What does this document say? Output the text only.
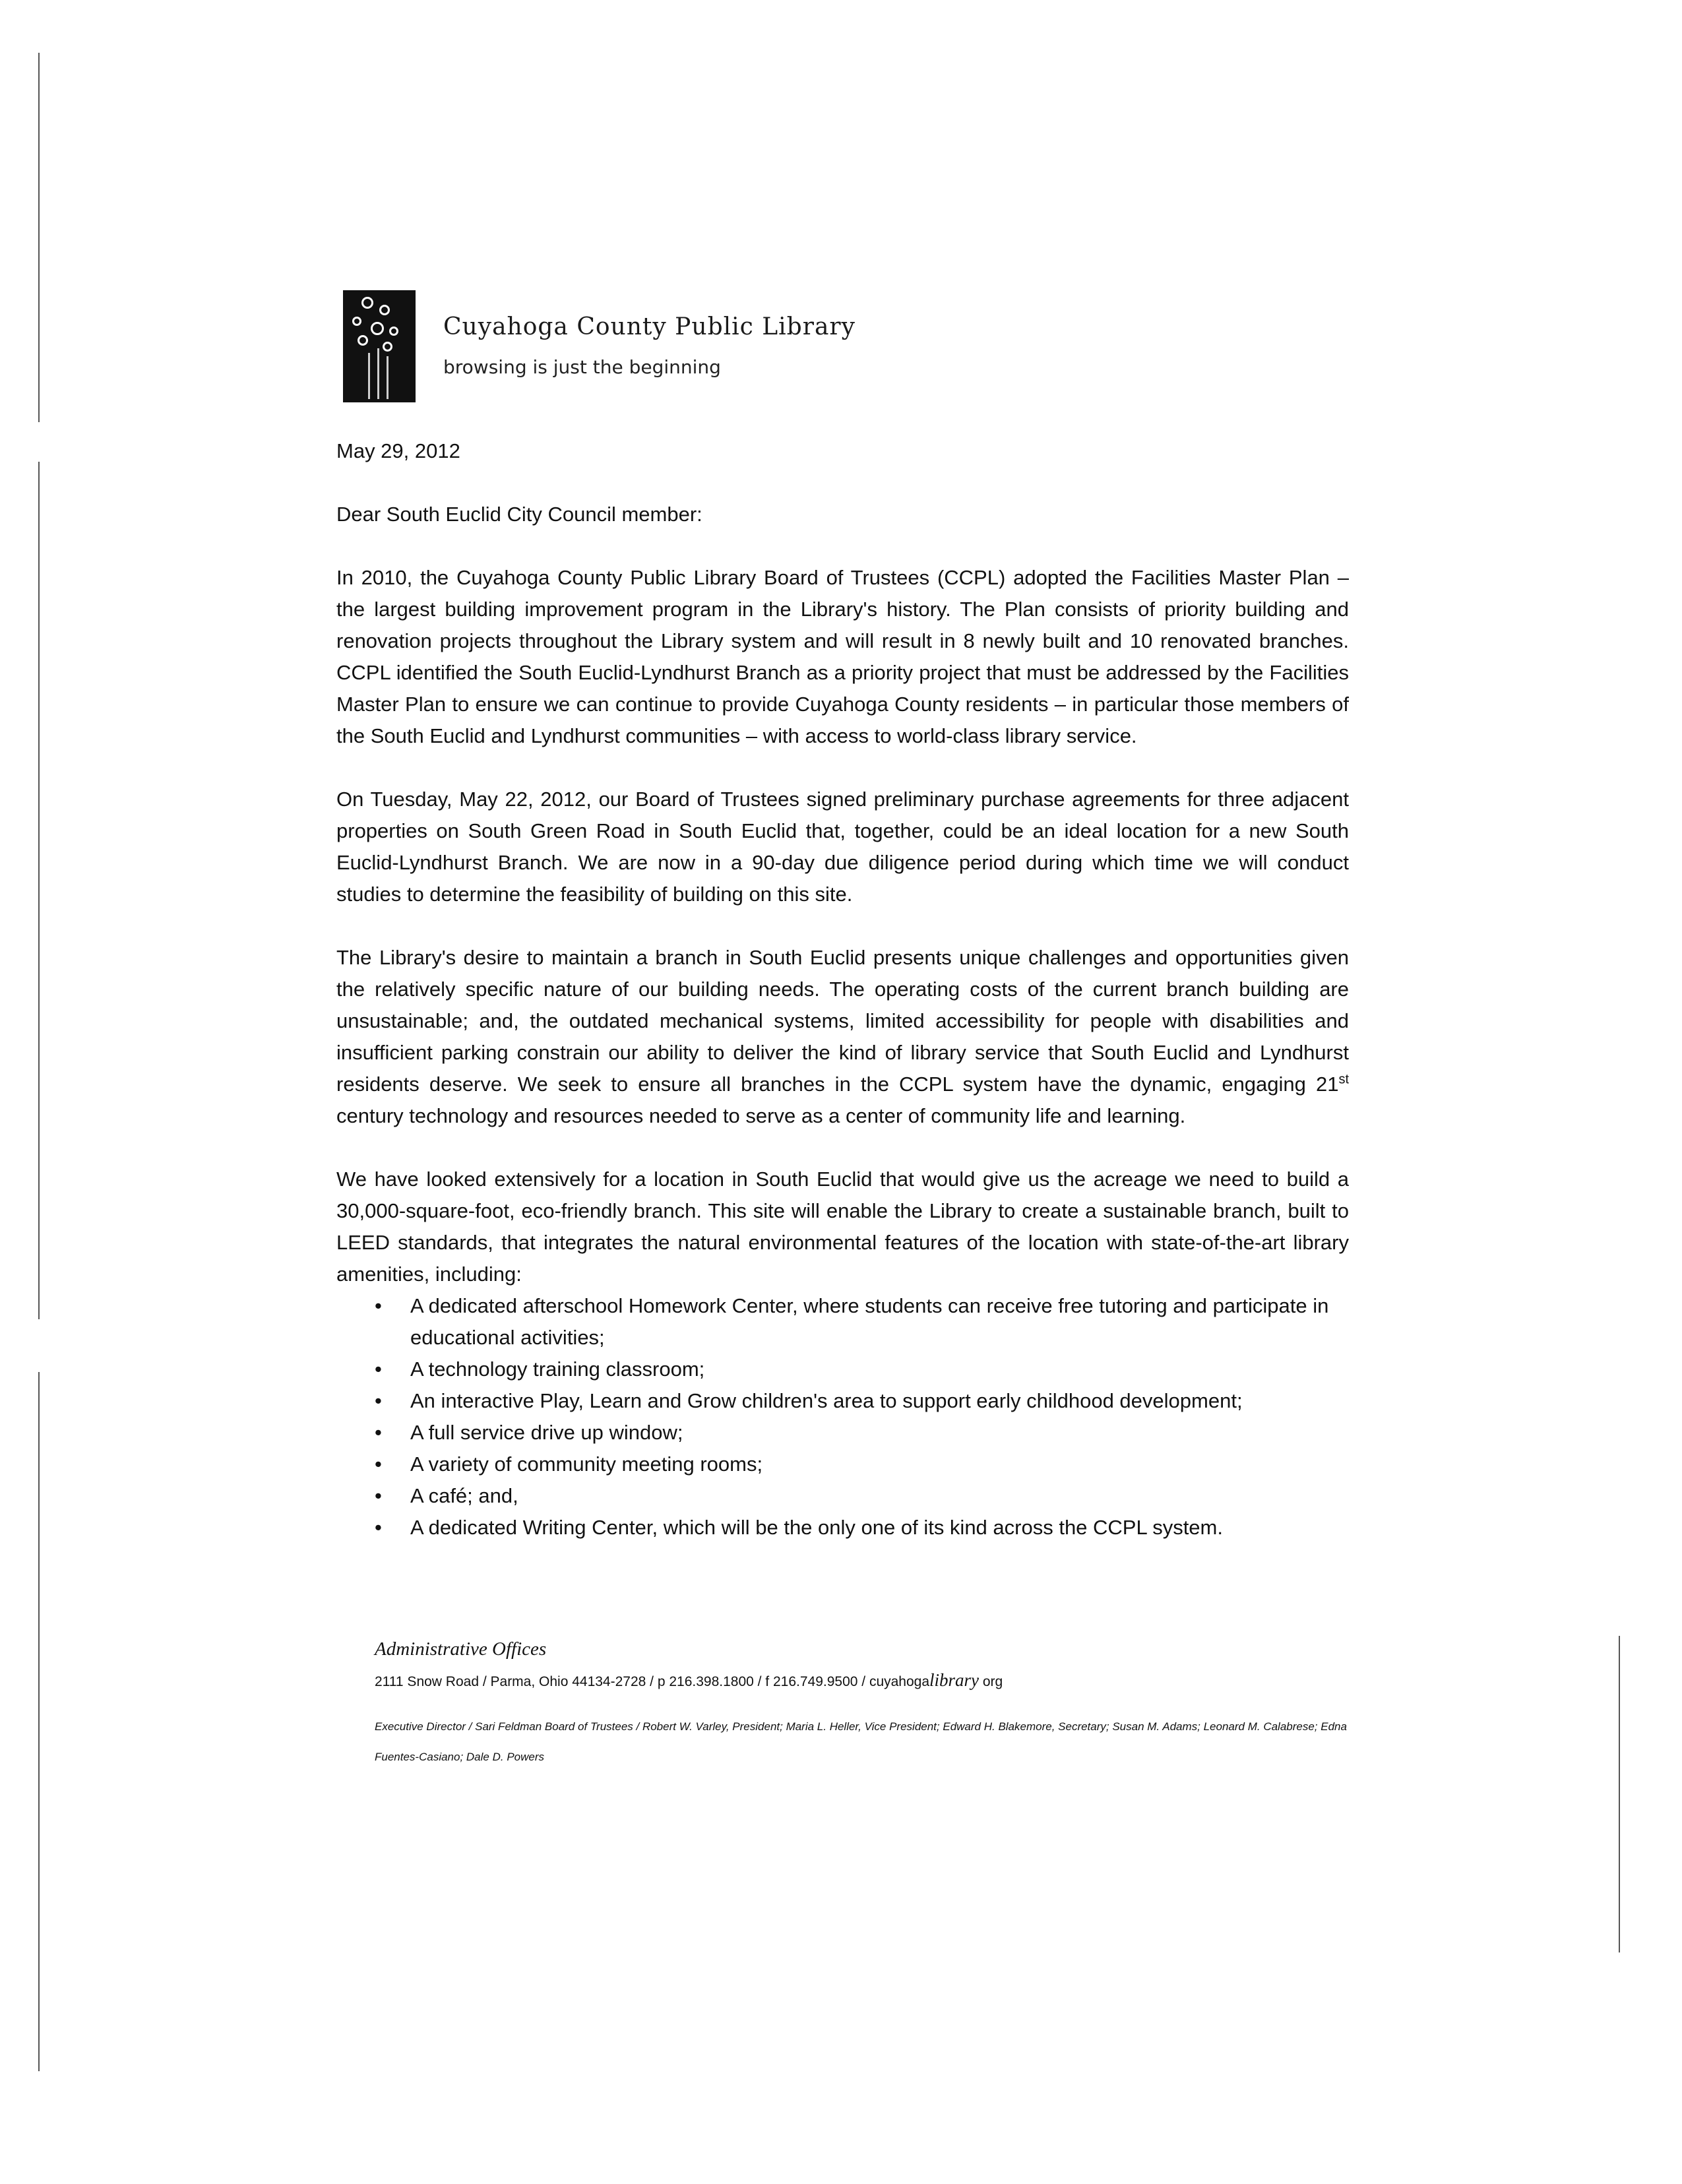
Cuyahoga County Public Library

browsing is just the beginning

May 29, 2012

Dear South Euclid City Council member:

In 2010, the Cuyahoga County Public Library Board of Trustees (CCPL) adopted the Facilities Master Plan – the largest building improvement program in the Library's history. The Plan consists of priority building and renovation projects throughout the Library system and will result in 8 newly built and 10 renovated branches. CCPL identified the South Euclid-Lyndhurst Branch as a priority project that must be addressed by the Facilities Master Plan to ensure we can continue to provide Cuyahoga County residents – in particular those members of the South Euclid and Lyndhurst communities – with access to world-class library service.

On Tuesday, May 22, 2012, our Board of Trustees signed preliminary purchase agreements for three adjacent properties on South Green Road in South Euclid that, together, could be an ideal location for a new South Euclid-Lyndhurst Branch. We are now in a 90-day due diligence period during which time we will conduct studies to determine the feasibility of building on this site.

The Library's desire to maintain a branch in South Euclid presents unique challenges and opportunities given the relatively specific nature of our building needs. The operating costs of the current branch building are unsustainable; and, the outdated mechanical systems, limited accessibility for people with disabilities and insufficient parking constrain our ability to deliver the kind of library service that South Euclid and Lyndhurst residents deserve. We seek to ensure all branches in the CCPL system have the dynamic, engaging 21st century technology and resources needed to serve as a center of community life and learning.

We have looked extensively for a location in South Euclid that would give us the acreage we need to build a 30,000-square-foot, eco-friendly branch. This site will enable the Library to create a sustainable branch, built to LEED standards, that integrates the natural environmental features of the location with state-of-the-art library amenities, including:

• A dedicated afterschool Homework Center, where students can receive free tutoring and participate in educational activities;
• A technology training classroom;
• An interactive Play, Learn and Grow children's area to support early childhood development;
• A full service drive up window;
• A variety of community meeting rooms;
• A café; and,
• A dedicated Writing Center, which will be the only one of its kind across the CCPL system.

Administrative Offices

2111 Snow Road / Parma, Ohio 44134-2728 / p 216.398.1800 / f 216.749.9500 / cuyahogalibrary org

Executive Director / Sari Feldman Board of Trustees / Robert W. Varley, President; Maria L. Heller, Vice President; Edward H. Blakemore, Secretary; Susan M. Adams; Leonard M. Calabrese; Edna Fuentes-Casiano; Dale D. Powers
